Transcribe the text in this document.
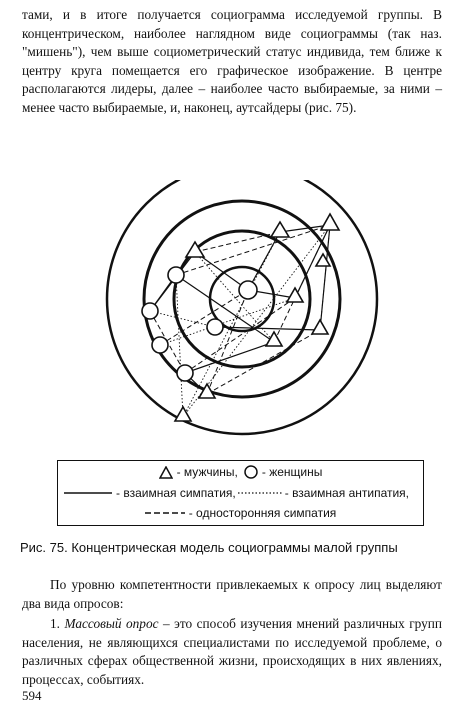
тами, и в итоге получается социограмма исследуемой группы. В концентрическом, наиболее наглядном виде социограммы (так наз. "мишень"), чем выше социометрический статус индивида, тем ближе к центру круга помещается его графическое изображение. В центре располагаются лидеры, далее – наиболее часто выбираемые, за ними – менее часто выбираемые, и, наконец, аутсайдеры (рис. 75).
- мужчины, - женщины
- взаимная симпатия,	- взаимная антипатия,
- односторонняя симпатия
Рис. 75. Концентрическая модель социограммы малой группы
По уровню компетентности привлекаемых к опросу лиц выделяют два вида опросов:
1. Массовый опрос – это способ изучения мнений различных групп населения, не являющихся специалистами по исследуемой проблеме, о различных сферах общественной жизни, происходящих в них явлениях, процессах, событиях.
594
